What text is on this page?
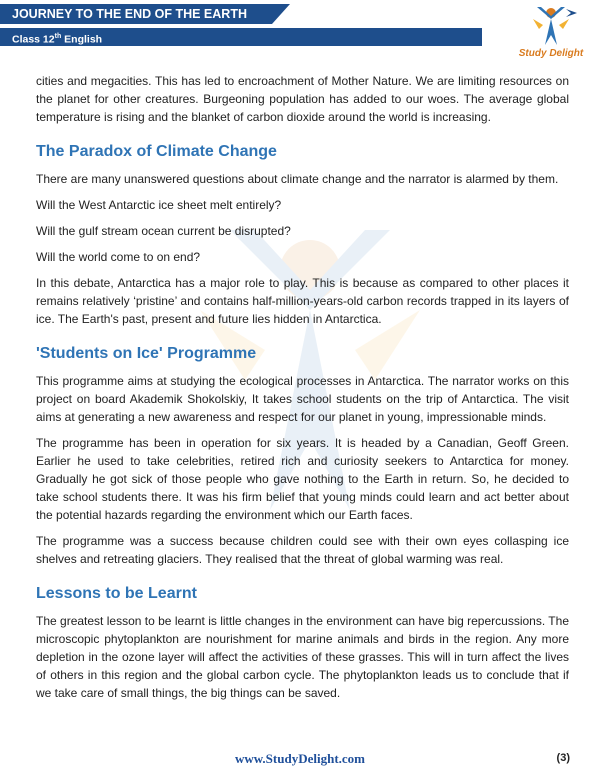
JOURNEY TO THE END OF THE EARTH
Class 12th English
Study Delight

cities and megacities. This has led to encroachment of Mother Nature. We are limiting resources on the planet for other creatures. Burgeoning population has added to our woes. The average global temperature is rising and the blanket of carbon dioxide around the world is increasing.

The Paradox of Climate Change

There are many unanswered questions about climate change and the narrator is alarmed by them.

Will the West Antarctic ice sheet melt entirely?

Will the gulf stream ocean current be disrupted?

Will the world come to on end?

In this debate, Antarctica has a major role to play. This is because as compared to other places it remains relatively ‘pristine’ and contains half-million-years-old carbon records trapped in its layers of ice. The Earth's past, present and future lies hidden in Antarctica.

'Students on Ice' Programme

This programme aims at studying the ecological processes in Antarctica. The narrator works on this project on board Akademik Shokolskiy, It takes school students on the trip of Antarctica. The visit aims at generating a new awareness and respect for our planet in young, impressionable minds.

The programme has been in operation for six years. It is headed by a Canadian, Geoff Green. Earlier he used to take celebrities, retired rich and curiosity seekers to Antarctica for money. Gradually he got sick of those people who gave nothing to the Earth in return. So, he decided to take school students there. It was his firm belief that young minds could learn and act better about the potential hazards regarding the environment which our Earth faces.

The programme was a success because children could see with their own eyes collasping ice shelves and retreating glaciers. They realised that the threat of global warming was real.

Lessons to be Learnt

The greatest lesson to be learnt is little changes in the environment can have big repercussions. The microscopic phytoplankton are nourishment for marine animals and birds in the region. Any more depletion in the ozone layer will affect the activities of these grasses. This will in turn affect the lives of others in this region and the global carbon cycle. The phytoplankton leads us to conclude that if we take care of small things, the big things can be saved.

www.StudyDelight.com	(3)
